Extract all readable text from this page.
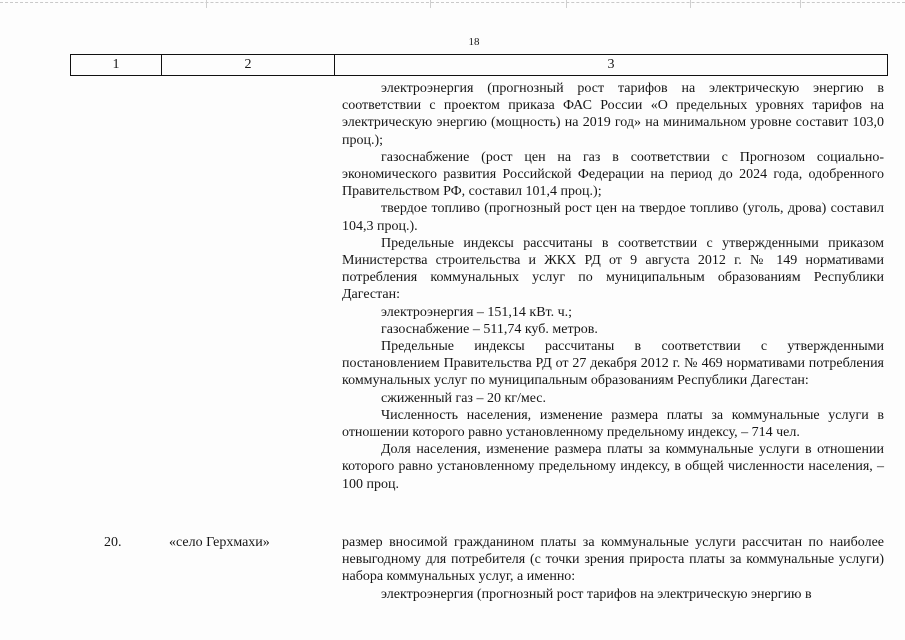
18
1	2	3

электроэнергия (прогнозный рост тарифов на электрическую энергию в соответствии с проектом приказа ФАС России «О предельных уровнях тарифов на электрическую энергию (мощность) на 2019 год» на минимальном уровне составит 103,0 проц.);

газоснабжение (рост цен на газ в соответствии с Прогнозом социально-экономического развития Российской Федерации на период до 2024 года, одобренного Правительством РФ, составил 101,4 проц.);

твердое топливо (прогнозный рост цен на твердое топливо (уголь, дрова) составил 104,3 проц.).

Предельные индексы рассчитаны в соответствии с утвержденными приказом Министерства строительства и ЖКХ РД от 9 августа 2012 г. № 149 нормативами потребления коммунальных услуг по муниципальным образованиям Республики Дагестан:

электроэнергия – 151,14 кВт. ч.;

газоснабжение – 511,74 куб. метров.

Предельные индексы рассчитаны в соответствии с утвержденными постановлением Правительства РД от 27 декабря 2012 г. № 469 нормативами потребления коммунальных услуг по муниципальным образованиям Республики Дагестан:

сжиженный газ – 20 кг/мес.

Численность населения, изменение размера платы за коммунальные услуги в отношении которого равно установленному предельному индексу, – 714 чел.

Доля населения, изменение размера платы за коммунальные услуги в отношении которого равно установленному предельному индексу, в общей численности населения, – 100 проц.

20.	«село Герхмахи»	размер вносимой гражданином платы за коммунальные услуги рассчитан по наиболее невыгодному для потребителя (с точки зрения прироста платы за коммунальные услуги) набора коммунальных услуг, а именно:

электроэнергия (прогнозный рост тарифов на электрическую энергию в
